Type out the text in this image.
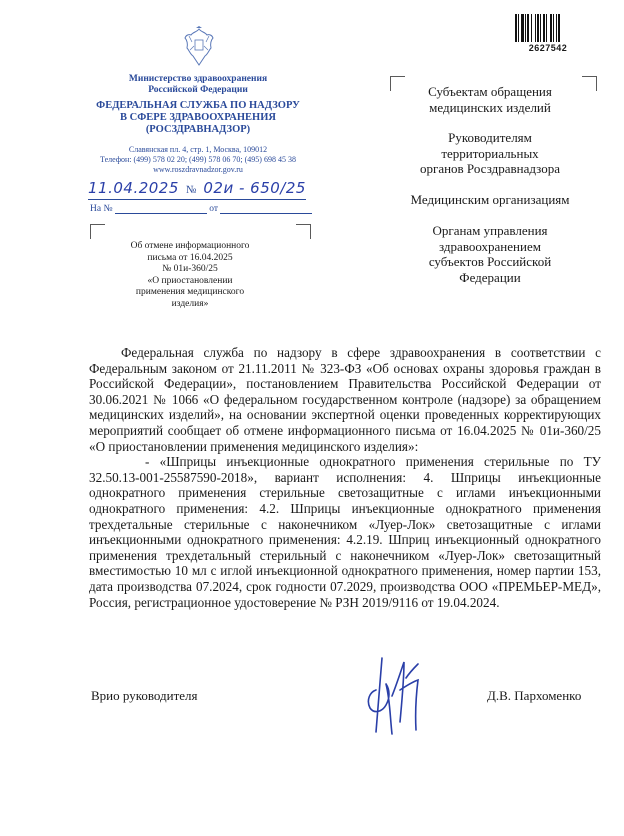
2627542
Министерство здравоохранения
Российской Федерации
ФЕДЕРАЛЬНАЯ СЛУЖБА ПО НАДЗОРУ
В СФЕРЕ ЗДРАВООХРАНЕНИЯ
(РОСЗДРАВНАДЗОР)
Славянская пл. 4, стр. 1, Москва, 109012
Телефон: (499) 578 02 20; (499) 578 06 70; (495) 698 45 38
www.roszdravnadzor.gov.ru
11.04.2025 № 02и - 650/25
На №	от
Об отмене информационного
письма от 16.04.2025
№ 01и-360/25
«О приостановлении
применения медицинского
изделия»
Субъектам обращения
медицинских изделий
Руководителям
территориальных
органов Росздравнадзора
Медицинским организациям
Органам управления
здравоохранением
субъектов Российской
Федерации

Федеральная служба по надзору в сфере здравоохранения в соответствии с Федеральным законом от 21.11.2011 № 323-ФЗ «Об основах охраны здоровья граждан в Российской Федерации», постановлением Правительства Российской Федерации от 30.06.2021 № 1066 «О федеральном государственном контроле (надзоре) за обращением медицинских изделий», на основании экспертной оценки проведенных корректирующих мероприятий сообщает об отмене информационного письма от 16.04.2025 № 01и-360/25 «О приостановлении применения медицинского изделия»:

- «Шприцы инъекционные однократного применения стерильные по ТУ 32.50.13-001-25587590-2018», вариант исполнения: 4. Шприцы инъекционные однократного применения стерильные светозащитные с иглами инъекционными однократного применения: 4.2. Шприцы инъекционные однократного применения трехдетальные стерильные с наконечником «Луер-Лок» светозащитные с иглами инъекционными однократного применения: 4.2.19. Шприц инъекционный однократного применения трехдетальный стерильный с наконечником «Луер-Лок» светозащитный вместимостью 10 мл с иглой инъекционной однократного применения, номер партии 153, дата производства 07.2024, срок годности 07.2029, производства ООО «ПРЕМЬЕР-МЕД», Россия, регистрационное удостоверение № РЗН 2019/9116 от 19.04.2024.

Врио руководителя	Д.В. Пархоменко
